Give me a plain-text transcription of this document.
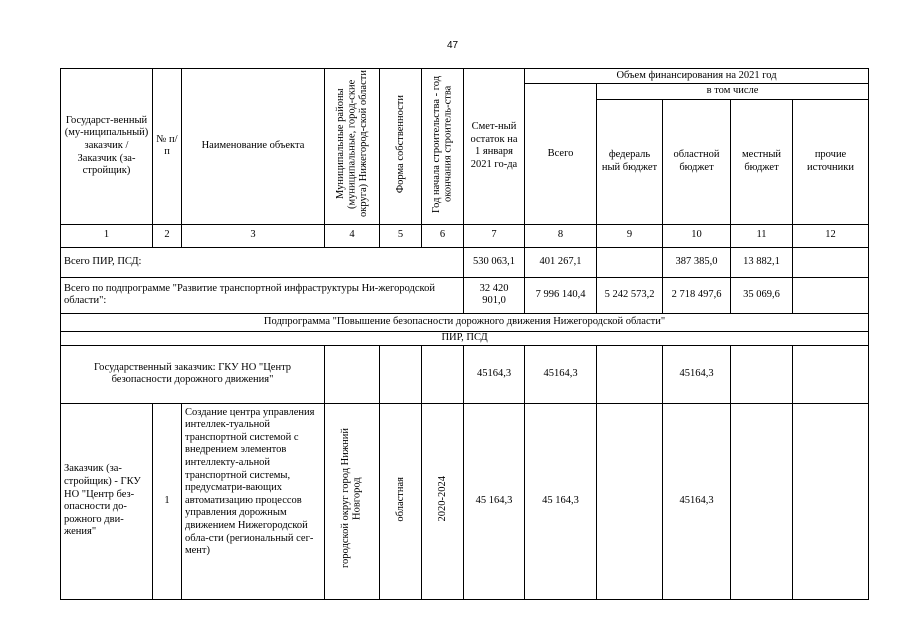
47
Государст-венный (му-ниципальный) заказчик / Заказчик (за-стройщик)	№ п/п	Наименование объекта	Муниципальные районы (муниципальные, город-ские округа) Нижегород-ской области	Форма собственности	Год начала строительства - год окончания строитель-ства	Смет-ный остаток на 1 января 2021 го-да	Объем финансирования на 2021 год				
							Всего	в том числе			
								федераль ный бюджет	областной бюджет	местный бюджет	прочие источники
1	2	3	4	5	6	7	8	9	10	11	12
Всего ПИР, ПСД:						530 063,1	401 267,1		387 385,0	13 882,1	
Всего по подпрограмме "Развитие транспортной инфраструктуры Ни-жегородской области":						32 420 901,0	7 996 140,4	5 242 573,2	2 718 497,6	35 069,6	
Подпрограмма "Повышение безопасности дорожного движения Нижегородской области"											
ПИР, ПСД											
Государственный заказчик: ГКУ НО "Центр безопасности дорожного движения"						45164,3	45164,3		45164,3		
Заказчик (за-стройщик) - ГКУ НО "Центр без-опасности до-рожного дви-жения"	1	Создание центра управления интеллек-туальной транспортной системой с внедрением элементов интеллекту-альной транспортной системы, предусматри-вающих автоматизацию процессов управления дорожным движением Нижегородской обла-сти (региональный сег-мент)	городской округ город Нижний Новгород	областная	2020-2024	45 164,3	45 164,3		45164,3		
